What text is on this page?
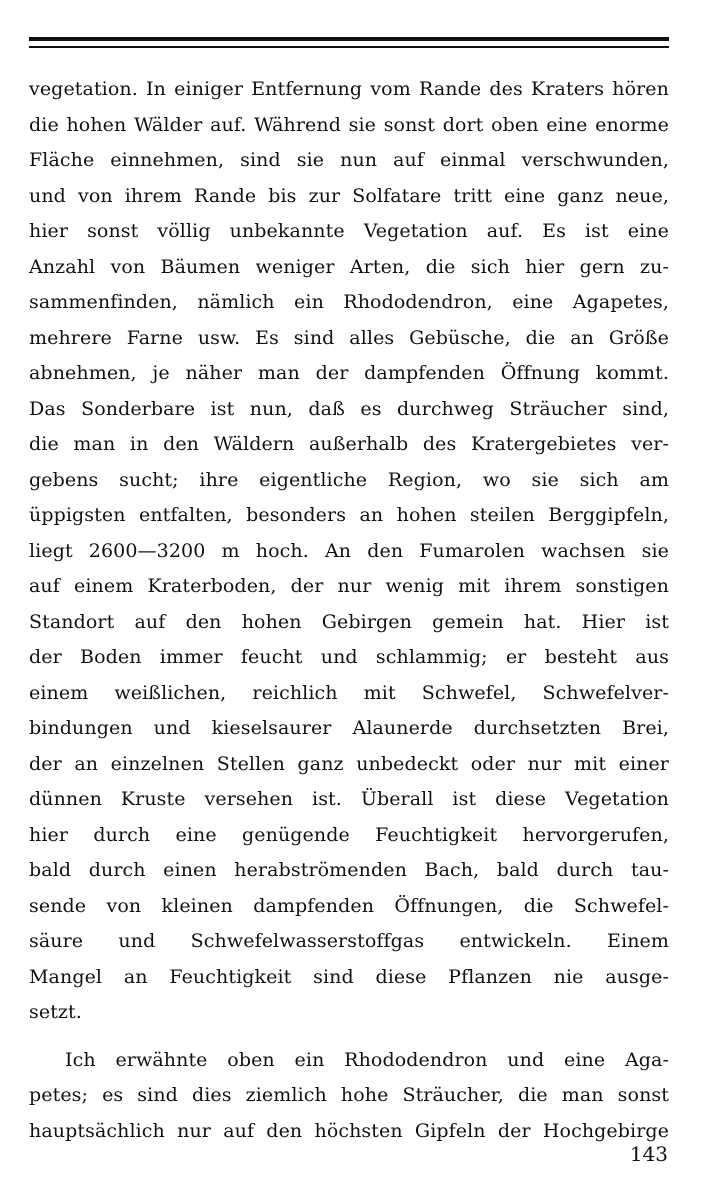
vegetation. In einiger Entfernung vom Rande des Kraters hören
die hohen Wälder auf. Während sie sonst dort oben eine enorme
Fläche einnehmen, sind sie nun auf einmal verschwunden,
und von ihrem Rande bis zur Solfatare tritt eine ganz neue,
hier sonst völlig unbekannte Vegetation auf. Es ist eine
Anzahl von Bäumen weniger Arten, die sich hier gern zu-
sammenfinden, nämlich ein Rhododendron, eine Agapetes,
mehrere Farne usw. Es sind alles Gebüsche, die an Größe
abnehmen, je näher man der dampfenden Öffnung kommt.
Das Sonderbare ist nun, daß es durchweg Sträucher sind,
die man in den Wäldern außerhalb des Kratergebietes ver-
gebens sucht; ihre eigentliche Region, wo sie sich am
üppigsten entfalten, besonders an hohen steilen Berggipfeln,
liegt 2600—3200 m hoch. An den Fumarolen wachsen sie
auf einem Kraterboden, der nur wenig mit ihrem sonstigen
Standort auf den hohen Gebirgen gemein hat. Hier ist
der Boden immer feucht und schlammig; er besteht aus
einem weißlichen, reichlich mit Schwefel, Schwefelver-
bindungen und kieselsaurer Alaunerde durchsetzten Brei,
der an einzelnen Stellen ganz unbedeckt oder nur mit einer
dünnen Kruste versehen ist. Überall ist diese Vegetation
hier durch eine genügende Feuchtigkeit hervorgerufen,
bald durch einen herabströmenden Bach, bald durch tau-
sende von kleinen dampfenden Öffnungen, die Schwefel-
säure und Schwefelwasserstoffgas entwickeln. Einem
Mangel an Feuchtigkeit sind diese Pflanzen nie ausge-
setzt.
Ich erwähnte oben ein Rhododendron und eine Aga-
petes; es sind dies ziemlich hohe Sträucher, die man sonst
hauptsächlich nur auf den höchsten Gipfeln der Hochgebirge
143
